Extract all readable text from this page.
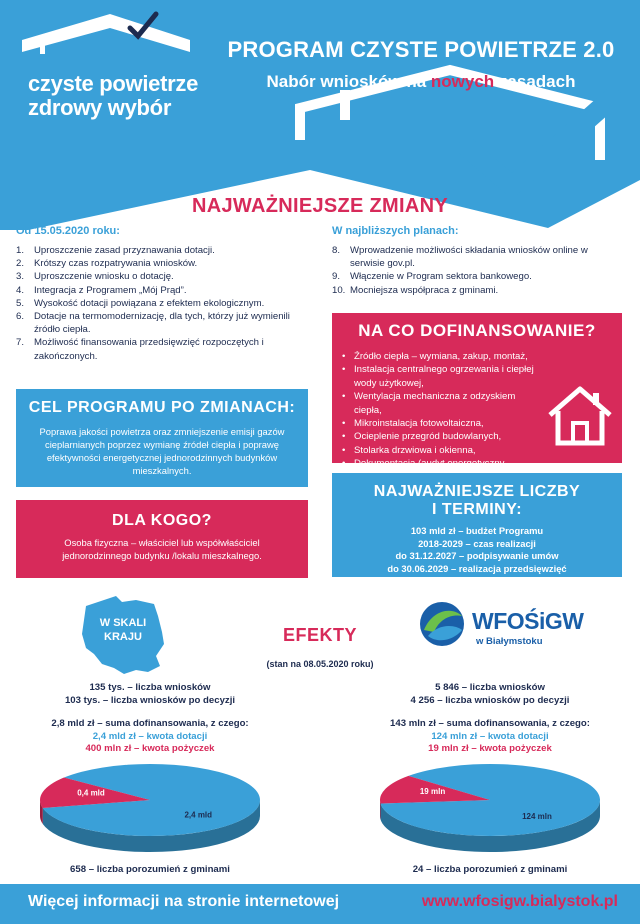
czyste powietrze
zdrowy wybór
PROGRAM CZYSTE POWIETRZE 2.0
Nabór wniosków na nowych zasadach
NAJWAŻNIEJSZE ZMIANY
Od 15.05.2020 roku:
1. Uproszczenie zasad przyznawania dotacji.
2. Krótszy czas rozpatrywania wniosków.
3. Uproszczenie wniosku o dotację.
4. Integracja z Programem „Mój Prąd”.
5. Wysokość dotacji powiązana z efektem ekologicznym.
6. Dotacje na termomodernizację, dla tych, którzy już wymienili źródło ciepła.
7. Możliwość finansowania przedsięwzięć rozpoczętych i zakończonych.
W najbliższych planach:
8. Wprowadzenie możliwości składania wniosków online w serwisie gov.pl.
9. Włączenie w Program sektora bankowego.
10. Mocniejsza współpraca z gminami.
NA CO DOFINANSOWANIE?
• Źródło ciepła – wymiana, zakup, montaż,
• Instalacja centralnego ogrzewania i ciepłej wody użytkowej,
• Wentylacja mechaniczna z odzyskiem ciepła,
• Mikroinstalacja fotowoltaiczna,
• Ocieplenie przegród budowlanych,
• Stolarka drzwiowa i okienna,
• Dokumentacja (audyt energetyczny,
CEL PROGRAMU PO ZMIANACH:
Poprawa jakości powietrza oraz zmniejszenie emisji gazów cieplarnianych poprzez wymianę źródeł ciepła i poprawę efektywności energetycznej jednorodzinnych budynków mieszkalnych.
DLA KOGO?
Osoba fizyczna – właściciel lub współwłaściciel jednorodzinnego budynku /lokalu mieszkalnego.
NAJWAŻNIEJSZE LICZBY
I TERMINY:
103 mld zł – budżet Programu
2018-2029 – czas realizacji
do 31.12.2027 – podpisywanie umów
do 30.06.2029 – realizacja przedsięwzięć
W SKALI
KRAJU	EFEKTY
(stan na 08.05.2020 roku)
WFOŚiGW
w Białymstoku
135 tys. – liczba wniosków
103 tys. – liczba wniosków po decyzji
2,8 mld zł – suma dofinansowania, z czego:
2,4 mld zł – kwota dotacji
400 mln zł – kwota pożyczek
5 846 – liczba wniosków
4 256 – liczba wniosków po decyzji
143 mln zł – suma dofinansowania, z czego:
124 mln zł – kwota dotacji
19 mln zł – kwota pożyczek
2,4 mld
0,4 mld
124 mln
19 mln
658 – liczba porozumień z gminami	24 – liczba porozumień z gminami
Więcej informacji na stronie internetowej	www.wfosigw.bialystok.pl
